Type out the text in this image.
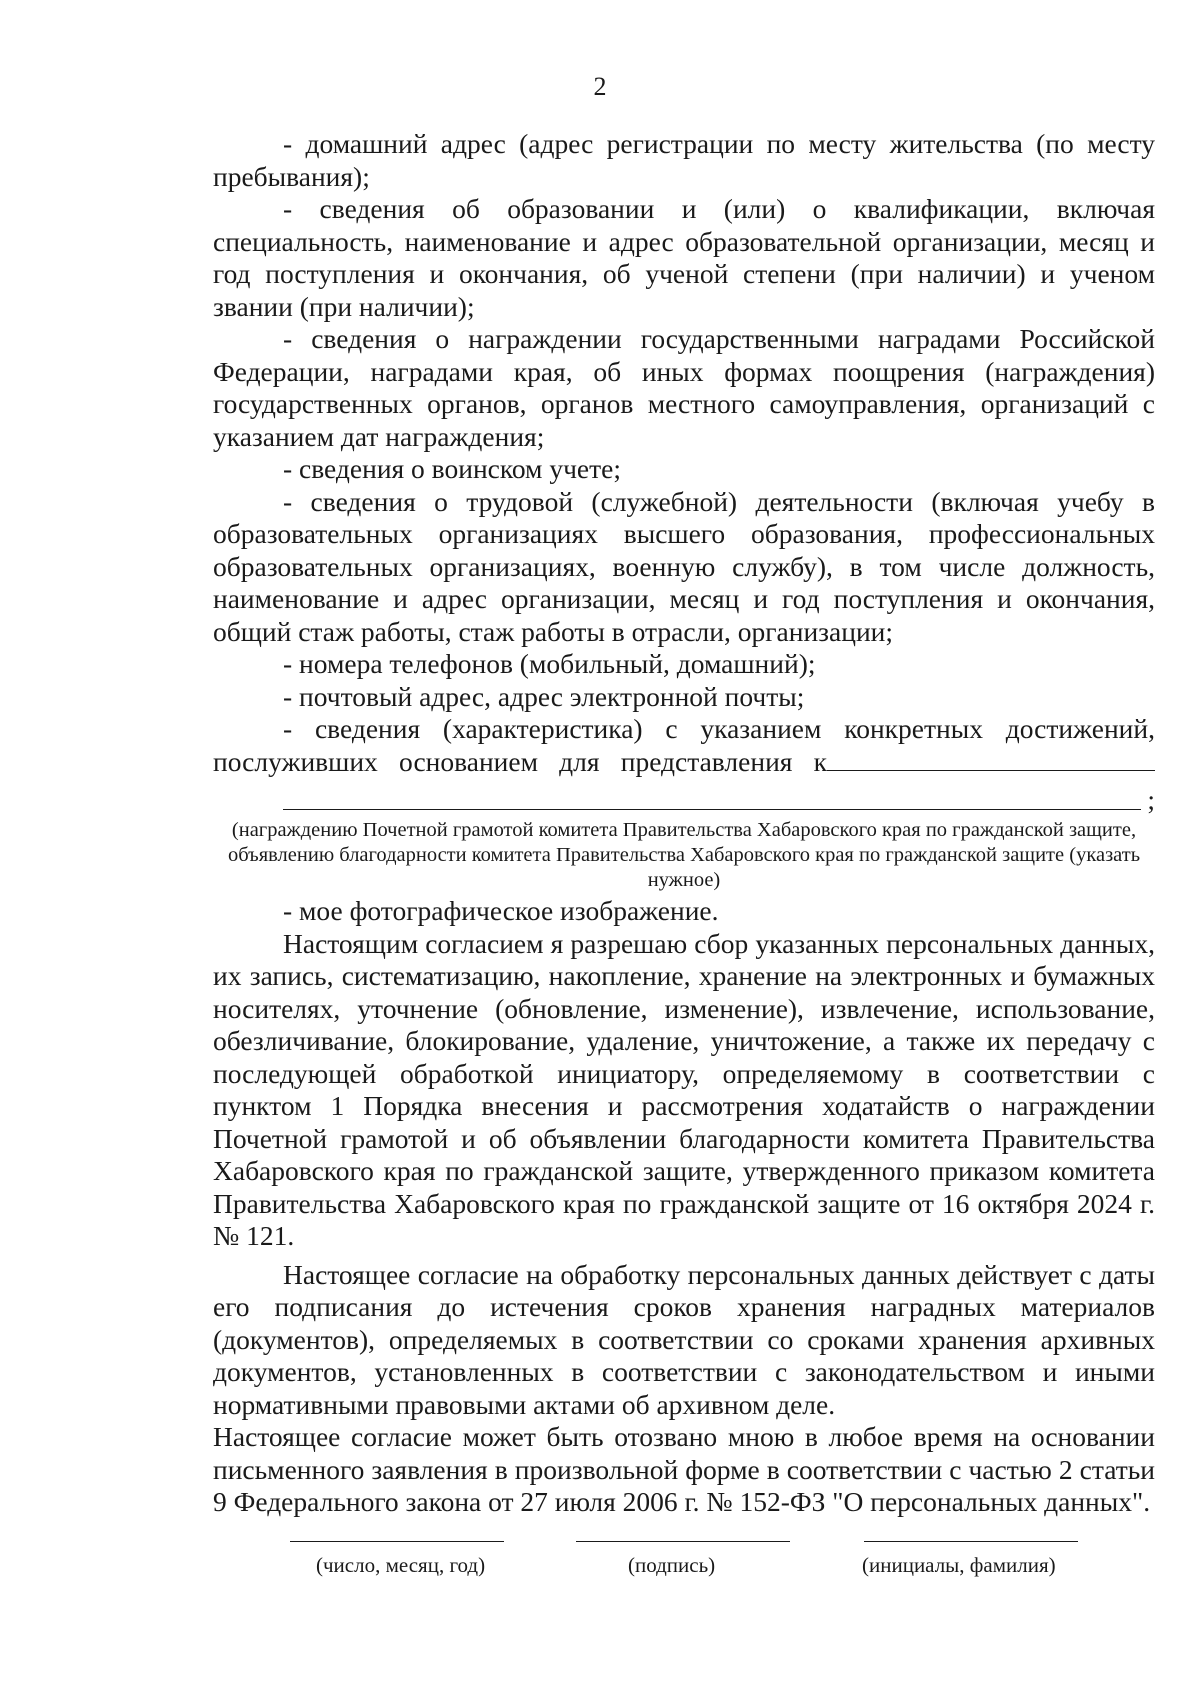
2

- домашний адрес (адрес регистрации по месту жительства (по месту пребывания);

- сведения об образовании и (или) о квалификации, включая специальность, наименование и адрес образовательной организации, месяц и год поступления и окончания, об ученой степени (при наличии) и ученом звании (при наличии);

- сведения о награждении государственными наградами Российской Федерации, наградами края, об иных формах поощрения (награждения) государственных органов, органов местного самоуправления, организаций с указанием дат награждения;

- сведения о воинском учете;

- сведения о трудовой (служебной) деятельности (включая учебу в образовательных организациях высшего образования, профессиональных образовательных организациях, военную службу), в том числе должность, наименование и адрес организации, месяц и год поступления и окончания, общий стаж работы, стаж работы в отрасли, организации;

- номера телефонов (мобильный, домашний);

- почтовый адрес, адрес электронной почты;

- сведения (характеристика) с указанием конкретных достижений, послуживших основанием для представления к

;

(награждению Почетной грамотой комитета Правительства Хабаровского края по гражданской защите, объявлению благодарности комитета Правительства Хабаровского края по гражданской защите (указать нужное)

- мое фотографическое изображение.

Настоящим согласием я разрешаю сбор указанных персональных данных, их запись, систематизацию, накопление, хранение на электронных и бумажных носителях, уточнение (обновление, изменение), извлечение, использование, обезличивание, блокирование, удаление, уничтожение, а также их передачу с последующей обработкой инициатору, определяемому в соответствии с пунктом 1 Порядка внесения и рассмотрения ходатайств о награждении Почетной грамотой и об объявлении благодарности комитета Правительства Хабаровского края по гражданской защите, утвержденного приказом комитета Правительства Хабаровского края по гражданской защите от 16 октября 2024 г. № 121.

Настоящее согласие на обработку персональных данных действует с даты его подписания до истечения сроков хранения наградных материалов (документов), определяемых в соответствии со сроками хранения архивных документов, установленных в соответствии с законодательством и иными нормативными правовыми актами об архивном деле.

Настоящее согласие может быть отозвано мною в любое время на основании письменного заявления в произвольной форме в соответствии с частью 2 статьи 9 Федерального закона от 27 июля 2006 г. № 152-ФЗ "О персональных данных".

(число, месяц, год)	(подпись)	(инициалы, фамилия)
